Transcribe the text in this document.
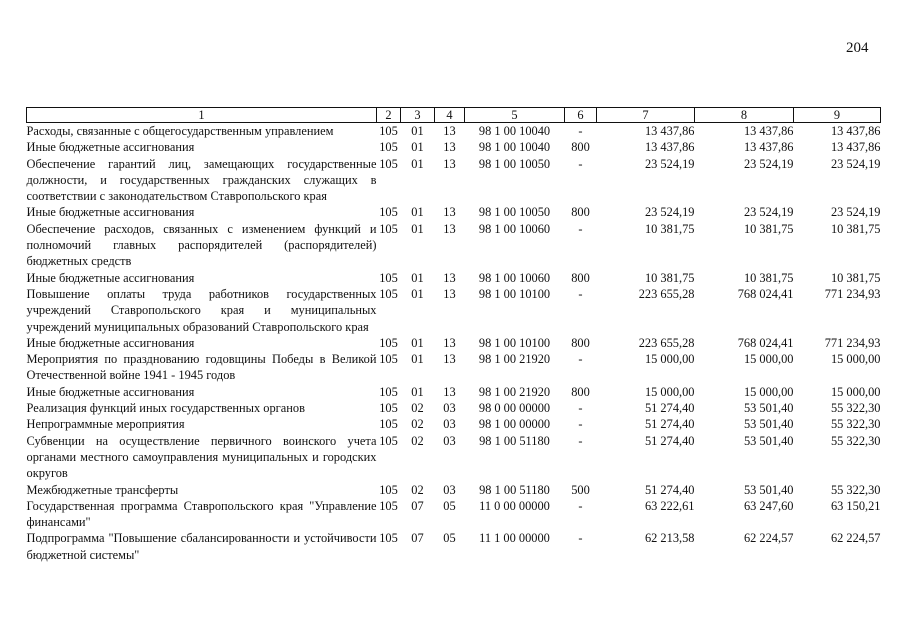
204
1	2	3	4	5	6	7	8	9
Расходы, связанные с общегосударственным управлением	105	01	13	98 1 00 10040	-	13 437,86	13 437,86	13 437,86
Иные бюджетные ассигнования	105	01	13	98 1 00 10040	800	13 437,86	13 437,86	13 437,86
Обеспечение гарантий лиц, замещающих государственные должности, и государственных гражданских служащих в соответствии с законодательством Ставропольского края	105	01	13	98 1 00 10050	-	23 524,19	23 524,19	23 524,19
Иные бюджетные ассигнования	105	01	13	98 1 00 10050	800	23 524,19	23 524,19	23 524,19
Обеспечение расходов, связанных с изменением функций и полномочий главных распорядителей (распорядителей) бюджетных средств	105	01	13	98 1 00 10060	-	10 381,75	10 381,75	10 381,75
Иные бюджетные ассигнования	105	01	13	98 1 00 10060	800	10 381,75	10 381,75	10 381,75
Повышение оплаты труда работников государственных учреждений Ставропольского края и муниципальных учреждений муниципальных образований Ставропольского края	105	01	13	98 1 00 10100	-	223 655,28	768 024,41	771 234,93
Иные бюджетные ассигнования	105	01	13	98 1 00 10100	800	223 655,28	768 024,41	771 234,93
Мероприятия по празднованию годовщины Победы в Великой Отечественной войне 1941 - 1945 годов	105	01	13	98 1 00 21920	-	15 000,00	15 000,00	15 000,00
Иные бюджетные ассигнования	105	01	13	98 1 00 21920	800	15 000,00	15 000,00	15 000,00
Реализация функций иных государственных органов	105	02	03	98 0 00 00000	-	51 274,40	53 501,40	55 322,30
Непрограммные мероприятия	105	02	03	98 1 00 00000	-	51 274,40	53 501,40	55 322,30
Субвенции на осуществление первичного воинского учета органами местного самоуправления муниципальных и городских округов	105	02	03	98 1 00 51180	-	51 274,40	53 501,40	55 322,30
Межбюджетные трансферты	105	02	03	98 1 00 51180	500	51 274,40	53 501,40	55 322,30
Государственная программа Ставропольского края "Управление финансами"	105	07	05	11 0 00 00000	-	63 222,61	63 247,60	63 150,21
Подпрограмма "Повышение сбалансированности и устойчивости бюджетной системы"	105	07	05	11 1 00 00000	-	62 213,58	62 224,57	62 224,57
